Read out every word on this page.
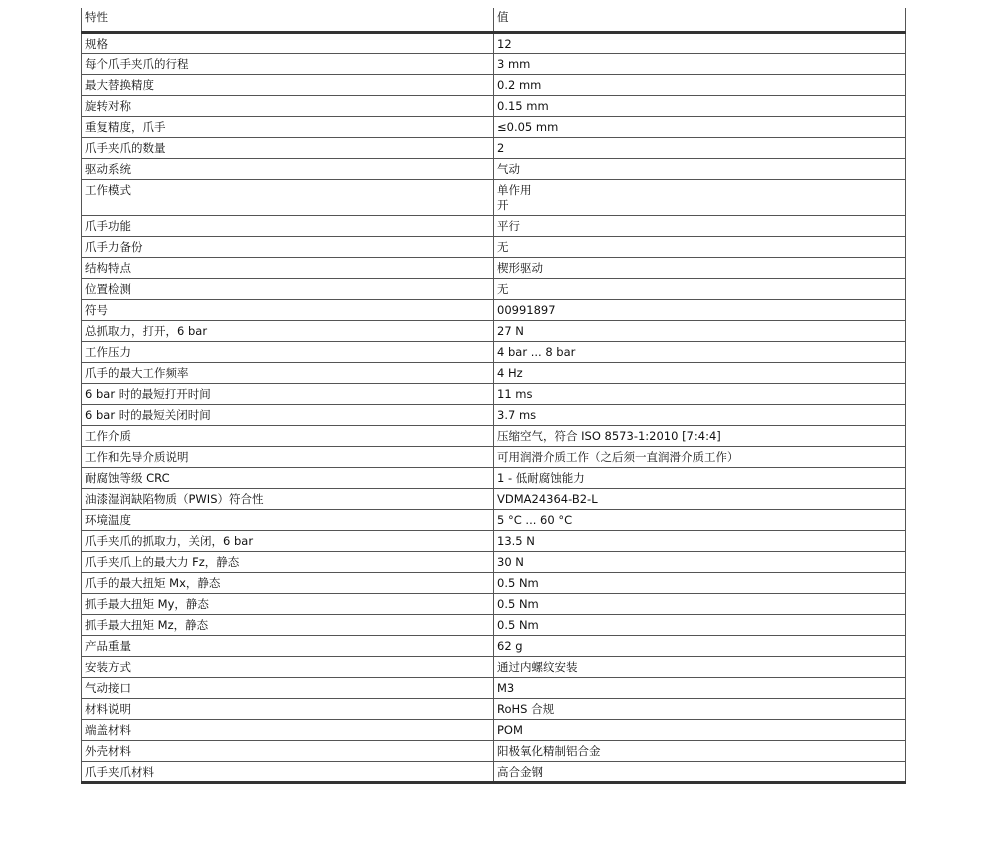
特性	值
规格	12
每个爪手夹爪的行程	3 mm
最大替换精度	0.2 mm
旋转对称	0.15 mm
重复精度，爪手	≤0.05 mm
爪手夹爪的数量	2
驱动系统	气动
工作模式	单作用
开

爪手功能	平行
爪手力备份	无
结构特点	楔形驱动
位置检测	无
符号	00991897
总抓取力，打开，6 bar	27 N
工作压力	4 bar ... 8 bar
爪手的最大工作频率	4 Hz
6 bar 时的最短打开时间	11 ms
6 bar 时的最短关闭时间	3.7 ms
工作介质	压缩空气，符合 ISO 8573-1:2010 [7:4:4]
工作和先导介质说明	可用润滑介质工作（之后须一直润滑介质工作）
耐腐蚀等级 CRC	1 - 低耐腐蚀能力
油漆湿润缺陷物质（PWIS）符合性	VDMA24364-B2-L
环境温度	5 °C ... 60 °C
爪手夹爪的抓取力，关闭，6 bar	13.5 N
爪手夹爪上的最大力 Fz，静态	30 N
爪手的最大扭矩 Mx，静态	0.5 Nm
抓手最大扭矩 My，静态	0.5 Nm
抓手最大扭矩 Mz，静态	0.5 Nm
产品重量	62 g
安装方式	通过内螺纹安装
气动接口	M3
材料说明	RoHS 合规
端盖材料	POM
外壳材料	阳极氧化精制铝合金
爪手夹爪材料	高合金钢
